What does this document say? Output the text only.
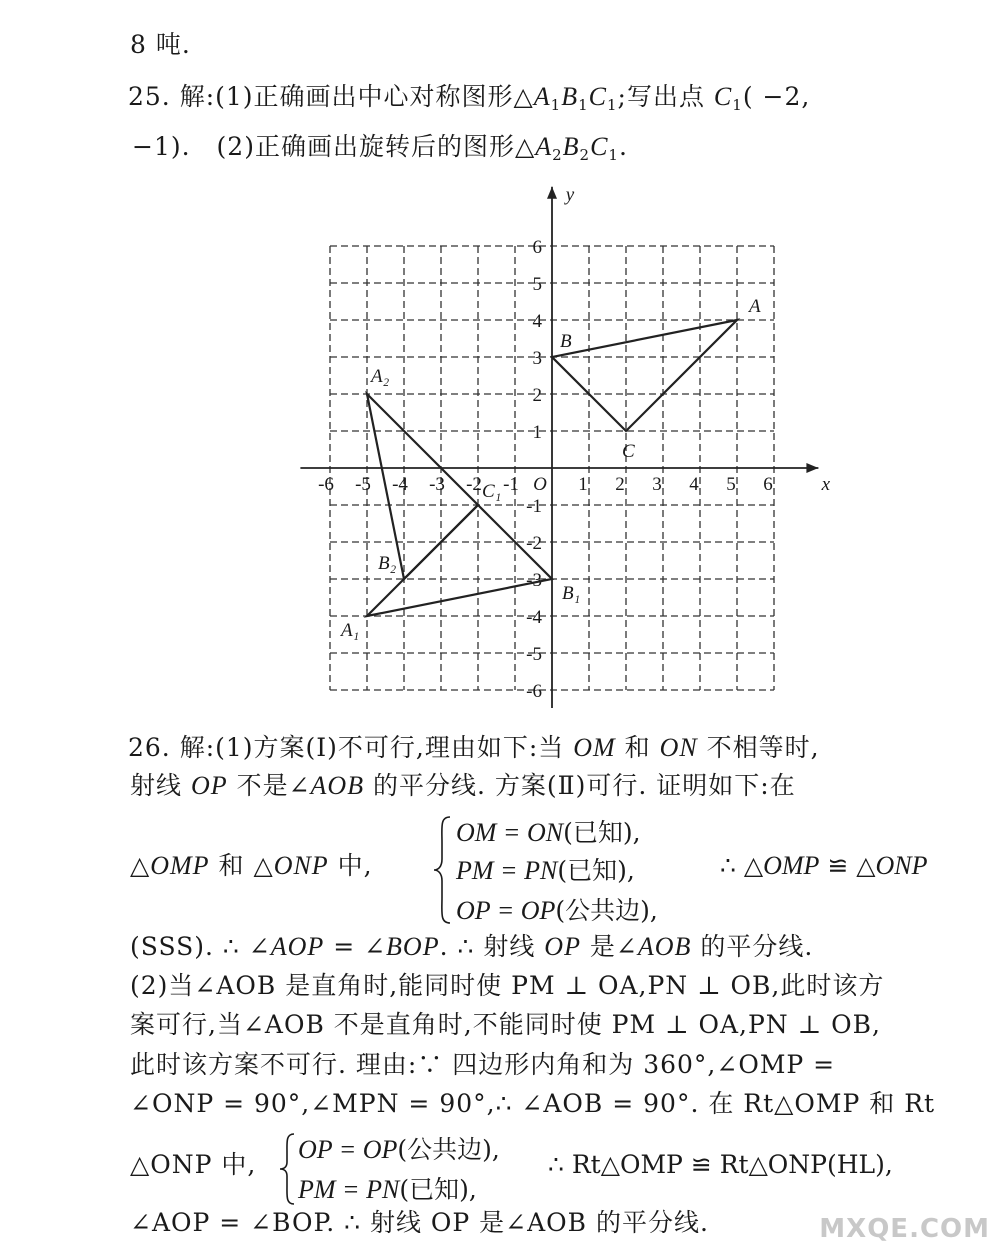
8 吨.
25. 解:(1)正确画出中心对称图形$\triangle A_1B_1C_1$;写出点 $C_1( -2$,
−1).　(2)正确画出旋转后的图形$\triangle A_2B_2C_1$.
-6 -5 -4 -3 -2 -1	1 2 3 4 5 6
6
5
4
3
2
1
-1
-2
-3
-4
-5
-6
O	x
y
A
B
C
A₁
B₁
C₁
A₂
B₂
26. 解:(1)方案(Ⅰ)不可行,理由如下:当 OM 和 ON 不相等时,
射线 OP 不是∠AOB 的平分线. 方案(Ⅱ)可行. 证明如下:在
△OMP 和 △ONP 中,
OM = ON(已知),
PM = PN(已知),
OP = OP(公共边),
∴ △OMP ≌ △ONP
(SSS). ∴ ∠AOP = ∠BOP. ∴ 射线 OP 是∠AOB 的平分线.
(2)当∠AOB 是直角时,能同时使 PM ⊥ OA,PN ⊥ OB,此时该方
案可行,当∠AOB 不是直角时,不能同时使 PM ⊥ OA,PN ⊥ OB,
此时该方案不可行. 理由:∵ 四边形内角和为 360°,∠OMP =
∠ONP = 90°,∠MPN = 90°,∴ ∠AOB = 90°. 在 Rt△OMP 和 Rt
△ONP 中,
OP = OP(公共边),
PM = PN(已知),
∴ Rt△OMP ≌ Rt△ONP(HL),
∠AOP = ∠BOP. ∴ 射线 OP 是∠AOB 的平分线.	MXQE.COM
